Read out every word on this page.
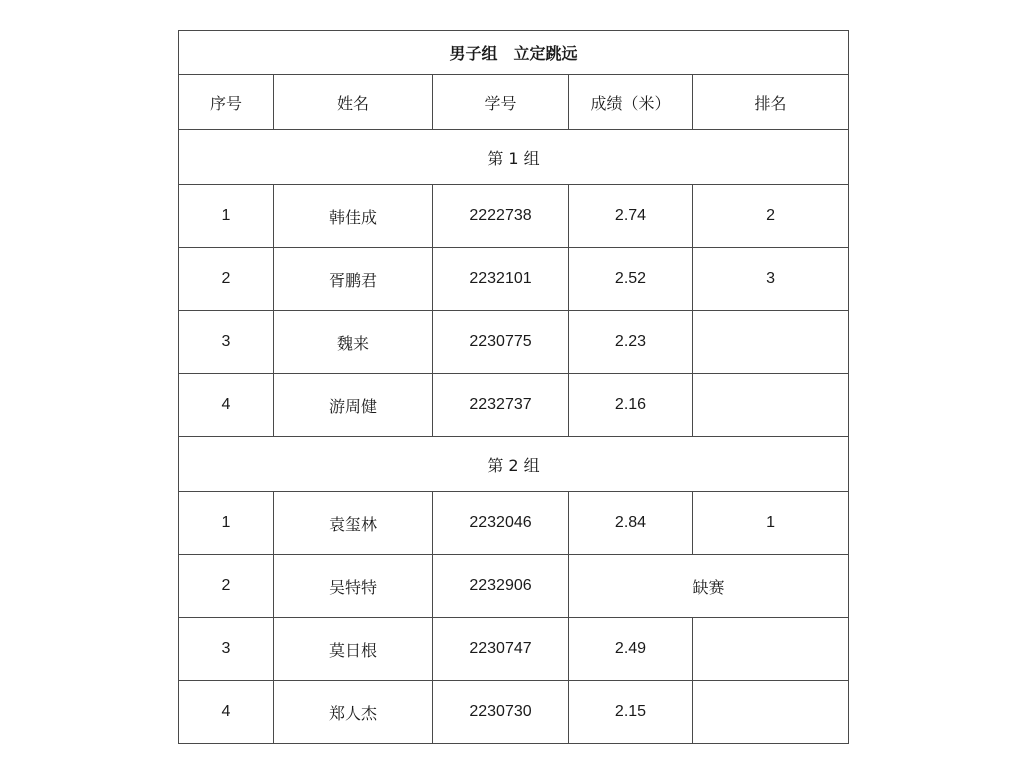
男子组　立定跳远				
序号	姓名	学号	成绩（米）	排名
第 1 组				
1	韩佳成	2222738	2.74	2
2	胥鹏君	2232101	2.52	3
3	魏来	2230775	2.23	
4	游周健	2232737	2.16	
第 2 组				
1	袁玺林	2232046	2.84	1
2	吴特特	2232906	缺赛	
3	莫日根	2230747	2.49	
4	郑人杰	2230730	2.15	
